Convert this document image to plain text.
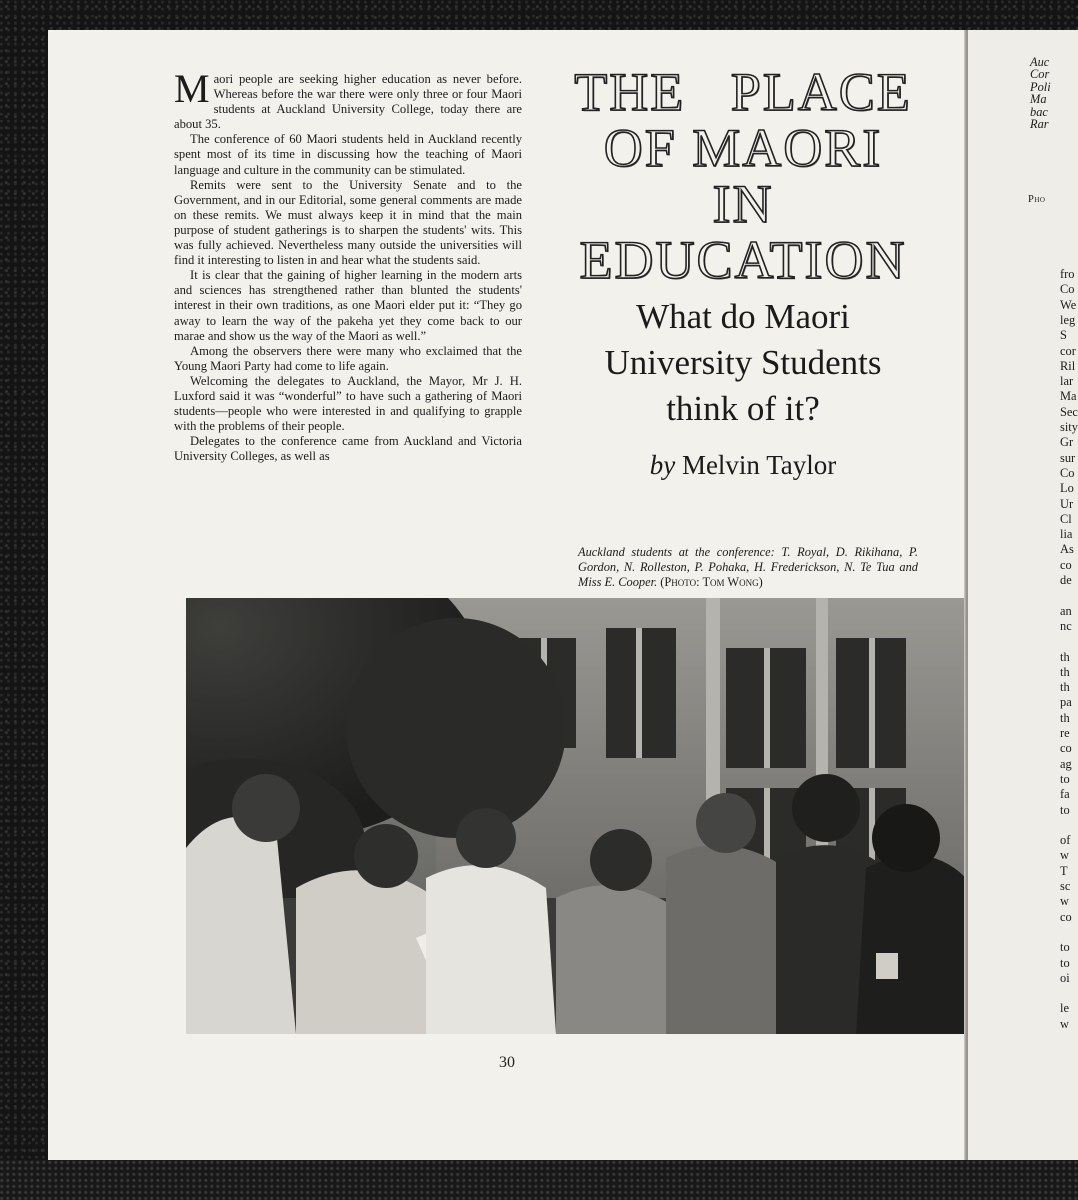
Maori people are seeking higher education as never before. Whereas before the war there were only three or four Maori students at Auckland University College, today there are about 35.

The conference of 60 Maori students held in Auckland recently spent most of its time in discussing how the teaching of Maori language and culture in the community can be stimulated.

Remits were sent to the University Senate and to the Government, and in our Editorial, some general comments are made on these remits. We must always keep it in mind that the main purpose of student gatherings is to sharpen the students' wits. This was fully achieved. Nevertheless many outside the universities will find it interesting to listen in and hear what the students said.

It is clear that the gaining of higher learning in the modern arts and sciences has strengthened rather than blunted the students' interest in their own traditions, as one Maori elder put it: “They go away to learn the way of the pakeha yet they come back to our marae and show us the way of the Maori as well.”

Among the observers there were many who exclaimed that the Young Maori Party had come to life again.

Welcoming the delegates to Auckland, the Mayor, Mr J. H. Luxford said it was “wonderful” to have such a gathering of Maori students—people who were interested in and qualifying to grapple with the problems of their people.

Delegates to the conference came from Auckland and Victoria University Colleges, as well as

THE PLACE
OF MAORI
IN
EDUCATION
What do Maori
University Students
think of it?
by Melvin Taylor
Auckland students at the conference: T. Royal, D. Rikihana, P. Gordon, N. Rolleston, P. Pohaka, H. Frederickson, N. Te Tua and Miss E. Cooper. (Photo: Tom Wong)
30
Auc
Cor
Poli
Ma
bac
Rar
Pho
fro
Co
We
leg
S
cor
Ril
lar
Ma
Sec
sity
Gr
sur
Co
Lo
Ur
Cl
lia
As
co
de
an
nc
th
th
th
pa
th
re
co
ag
to
fa
to
of
w
T
sc
w
co
to
to
oi
le
w
